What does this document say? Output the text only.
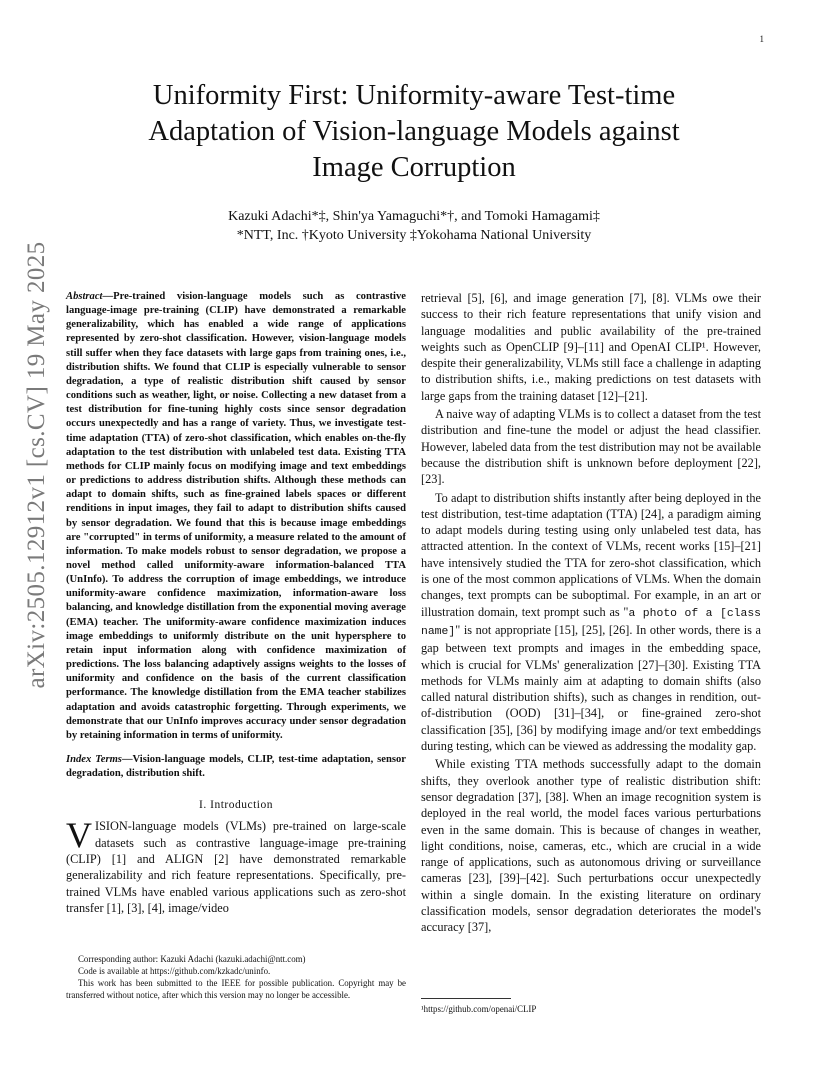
1
arXiv:2505.12912v1 [cs.CV] 19 May 2025
Uniformity First: Uniformity-aware Test-time
Adaptation of Vision-language Models against
Image Corruption
Kazuki Adachi*‡, Shin'ya Yamaguchi*†, and Tomoki Hamagami‡
*NTT, Inc. †Kyoto University ‡Yokohama National University

Abstract—Pre-trained vision-language models such as contrastive language-image pre-training (CLIP) have demonstrated a remarkable generalizability, which has enabled a wide range of applications represented by zero-shot classification. However, vision-language models still suffer when they face datasets with large gaps from training ones, i.e., distribution shifts. We found that CLIP is especially vulnerable to sensor degradation, a type of realistic distribution shift caused by sensor conditions such as weather, light, or noise. Collecting a new dataset from a test distribution for fine-tuning highly costs since sensor degradation occurs unexpectedly and has a range of variety. Thus, we investigate test-time adaptation (TTA) of zero-shot classification, which enables on-the-fly adaptation to the test distribution with unlabeled test data. Existing TTA methods for CLIP mainly focus on modifying image and text embeddings or predictions to address distribution shifts. Although these methods can adapt to domain shifts, such as fine-grained labels spaces or different renditions in input images, they fail to adapt to distribution shifts caused by sensor degradation. We found that this is because image embeddings are "corrupted" in terms of uniformity, a measure related to the amount of information. To make models robust to sensor degradation, we propose a novel method called uniformity-aware information-balanced TTA (UnInfo). To address the corruption of image embeddings, we introduce uniformity-aware confidence maximization, information-aware loss balancing, and knowledge distillation from the exponential moving average (EMA) teacher. The uniformity-aware confidence maximization induces image embeddings to uniformly distribute on the unit hypersphere to retain input information along with confidence maximization of predictions. The loss balancing adaptively assigns weights to the losses of uniformity and confidence on the basis of the current classification performance. The knowledge distillation from the EMA teacher stabilizes adaptation and avoids catastrophic forgetting. Through experiments, we demonstrate that our UnInfo improves accuracy under sensor degradation by retaining information in terms of uniformity.

Index Terms—Vision-language models, CLIP, test-time adaptation, sensor degradation, distribution shift.

I. Introduction

VISION-language models (VLMs) pre-trained on large-scale datasets such as contrastive language-image pre-training (CLIP) [1] and ALIGN [2] have demonstrated remarkable generalizability and rich feature representations. Specifically, pre-trained VLMs have enabled various applications such as zero-shot transfer [1], [3], [4], image/video

Corresponding author: Kazuki Adachi (kazuki.adachi@ntt.com)

Code is available at https://github.com/kzkadc/uninfo.

This work has been submitted to the IEEE for possible publication. Copyright may be transferred without notice, after which this version may no longer be accessible.

retrieval [5], [6], and image generation [7], [8]. VLMs owe their success to their rich feature representations that unify vision and language modalities and public availability of the pre-trained weights such as OpenCLIP [9]–[11] and OpenAI CLIP¹. However, despite their generalizability, VLMs still face a challenge in adapting to distribution shifts, i.e., making predictions on test datasets with large gaps from the training dataset [12]–[21].

A naive way of adapting VLMs is to collect a dataset from the test distribution and fine-tune the model or adjust the head classifier. However, labeled data from the test distribution may not be available because the distribution shift is unknown before deployment [22], [23].

To adapt to distribution shifts instantly after being deployed in the test distribution, test-time adaptation (TTA) [24], a paradigm aiming to adapt models during testing using only unlabeled test data, has attracted attention. In the context of VLMs, recent works [15]–[21] have intensively studied the TTA for zero-shot classification, which is one of the most common applications of VLMs. When the domain changes, text prompts can be suboptimal. For example, in an art or illustration domain, text prompt such as "a photo of a [class name]" is not appropriate [15], [25], [26]. In other words, there is a gap between text prompts and images in the embedding space, which is crucial for VLMs' generalization [27]–[30]. Existing TTA methods for VLMs mainly aim at adapting to domain shifts (also called natural distribution shifts), such as changes in rendition, out-of-distribution (OOD) [31]–[34], or fine-grained zero-shot classification [35], [36] by modifying image and/or text embeddings during testing, which can be viewed as addressing the modality gap.

While existing TTA methods successfully adapt to the domain shifts, they overlook another type of realistic distribution shift: sensor degradation [37], [38]. When an image recognition system is deployed in the real world, the model faces various perturbations even in the same domain. This is because of changes in weather, light conditions, noise, cameras, etc., which are crucial in a wide range of applications, such as autonomous driving or surveillance cameras [23], [39]–[42]. Such perturbations occur unexpectedly within a single domain. In the existing literature on ordinary classification models, sensor degradation deteriorates the model's accuracy [37],

¹https://github.com/openai/CLIP
